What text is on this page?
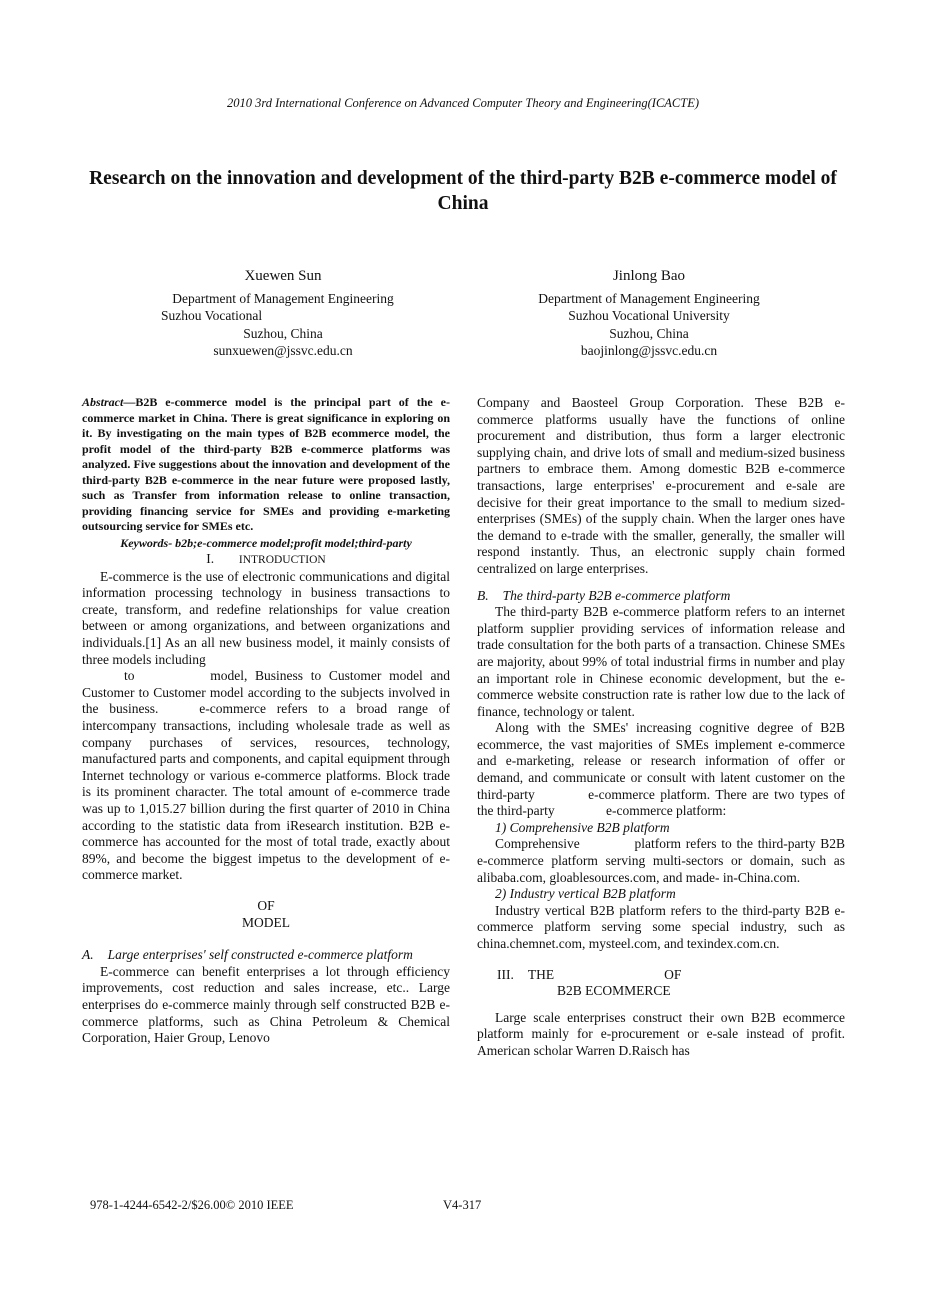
2010 3rd International Conference on Advanced Computer Theory and Engineering(ICACTE)
Research on the innovation and development of the third-party B2B e-commerce model of China
Xuewen Sun
Department of Management Engineering
Suzhou Vocational
Suzhou, China
sunxuewen@jssvc.edu.cn
Jinlong Bao
Department of Management Engineering
Suzhou Vocational University
Suzhou, China
baojinlong@jssvc.edu.cn

Abstract—B2B e-commerce model is the principal part of the e-commerce market in China. There is great significance in exploring on it. By investigating on the main types of B2B ecommerce model, the profit model of the third-party B2B e-commerce platforms was analyzed. Five suggestions about the innovation and development of the third-party B2B e-commerce in the near future were proposed lastly, such as Transfer from information release to online transaction, providing financing service for SMEs and providing e-marketing outsourcing service for SMEs etc.

Keywords- b2b;e-commerce model;profit model;third-party

I. INTRODUCTION

E-commerce is the use of electronic communications and digital information processing technology in business transactions to create, transform, and redefine relationships for value creation between or among organizations, and between organizations and individuals.[1] As an all new business model, it mainly consists of three models including
to	model, Business to Customer model and Customer to Customer model according to the subjects involved in the business.	e-commerce refers to a broad range of intercompany transactions, including wholesale trade as well as company purchases of services, resources, technology, manufactured parts and components, and capital equipment through Internet technology or various e-commerce platforms. Block trade is its prominent character. The total amount of e-commerce trade was up to 1,015.27 billion during the first quarter of 2010 in China according to the statistic data from iResearch institution. B2B e-commerce has accounted for the most of total trade, exactly about 89%, and become the biggest impetus to the development of e-commerce market.

OF

MODEL

A. Large enterprises' self constructed e-commerce platform

E-commerce can benefit enterprises a lot through efficiency improvements, cost reduction and sales increase, etc.. Large enterprises do e-commerce mainly through self constructed B2B e-commerce platforms, such as China Petroleum & Chemical Corporation, Haier Group, Lenovo

Company and Baosteel Group Corporation. These B2B e-commerce platforms usually have the functions of online procurement and distribution, thus form a larger electronic supplying chain, and drive lots of small and medium-sized business partners to embrace them. Among domestic B2B e-commerce transactions, large enterprises' e-procurement and e-sale are decisive for their great importance to the small to medium sized-enterprises (SMEs) of the supply chain. When the larger ones have the demand to e-trade with the smaller, generally, the smaller will respond instantly. Thus, an electronic supply chain formed centralized on large enterprises.

B. The third-party B2B e-commerce platform

The third-party B2B e-commerce platform refers to an internet platform supplier providing services of information release and trade consultation for the both parts of a transaction. Chinese SMEs are majority, about 99% of total industrial firms in number and play an important role in Chinese economic development, but the e-commerce website construction rate is rather low due to the lack of finance, technology or talent.

Along with the SMEs' increasing cognitive degree of B2B ecommerce, the vast majorities of SMEs implement e-commerce and e-marketing, release or research information of offer or demand, and communicate or consult with latent customer on the third-party	e-commerce platform. There are two types of the third-party	e-commerce platform:

1) Comprehensive B2B platform

Comprehensive	platform refers to the third-party B2B e-commerce platform serving multi-sectors or domain, such as alibaba.com, gloablesources.com, and made- in-China.com.

2) Industry vertical B2B platform

Industry vertical B2B platform refers to the third-party B2B e-commerce platform serving some special industry, such as china.chemnet.com, mysteel.com, and texindex.com.cn.

III. THE	OF

B2B ECOMMERCE

Large scale enterprises construct their own B2B ecommerce platform mainly for e-procurement or e-sale instead of profit. American scholar Warren D.Raisch has

978-1-4244-6542-2/$26.00© 2010 IEEE	V4-317
